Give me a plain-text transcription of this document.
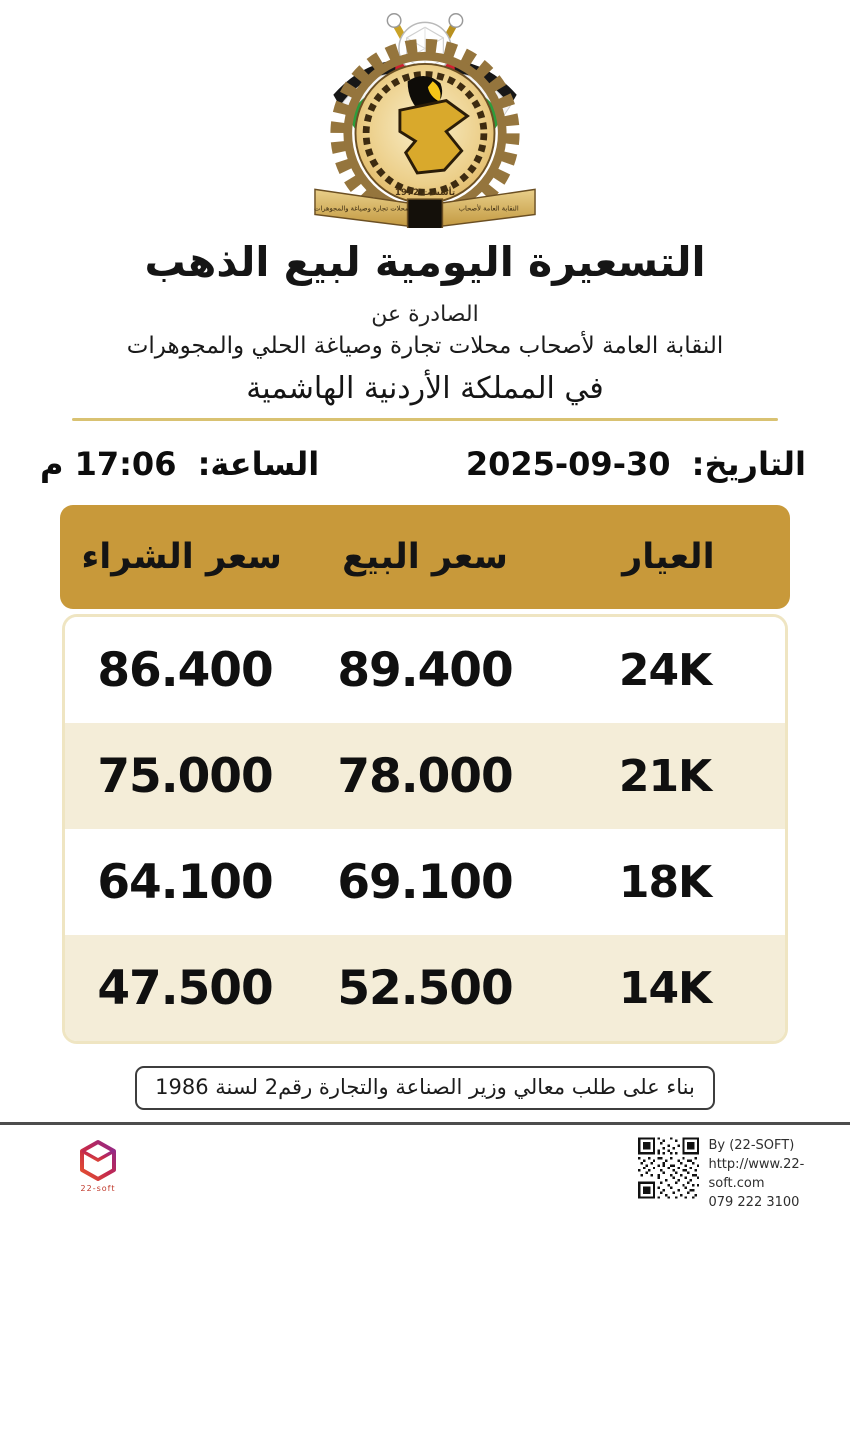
تأسست 1972
محلات تجارة وصياغة والمجوهرات	النقابة العامة لأصحاب
التسعيرة اليومية لبيع الذهب
الصادرة عن
النقابة العامة لأصحاب محلات تجارة وصياغة الحلي والمجوهرات
في المملكة الأردنية الهاشمية
التاريخ: 30-09-2025
الساعة: 17:06 م
العيار
سعر البيع
سعر الشراء
24K
89.400
86.400
21K
78.000
75.000
18K
69.100
64.100
14K
52.500
47.500
بناء على طلب معالي وزير الصناعة والتجارة رقم2 لسنة 1986
22-soft
By (22-SOFT)
http://www.22-soft.com
079 222 3100
